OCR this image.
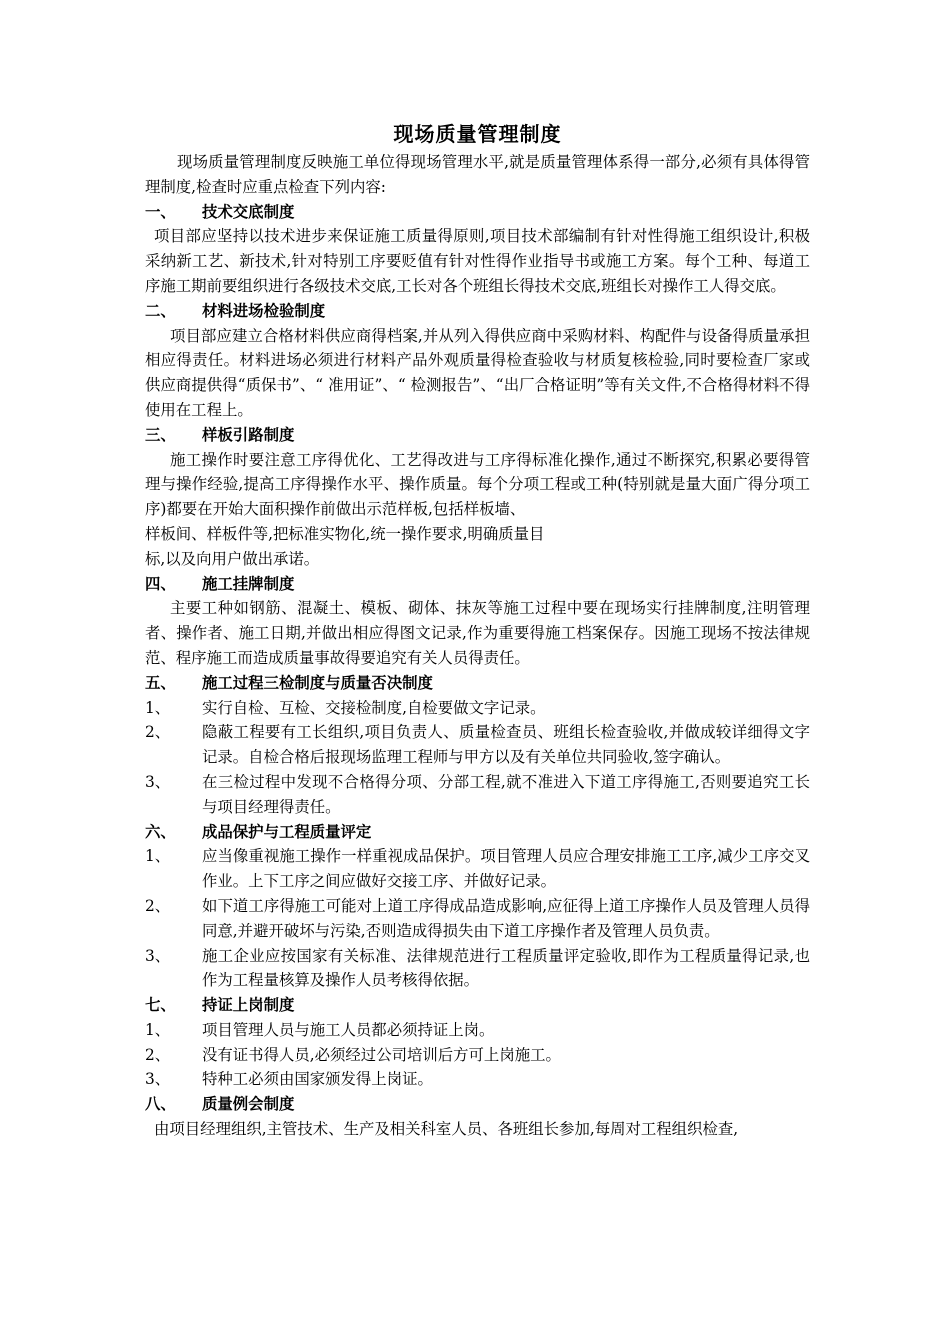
现场质量管理制度

现场质量管理制度反映施工单位得现场管理水平,就是质量管理体系得一部分,必须有具体得管理制度,检查时应重点检查下列内容:

一、	技术交底制度

项目部应坚持以技术进步来保证施工质量得原则,项目技术部编制有针对性得施工组织设计,积极采纳新工艺、新技术,针对特别工序要贬值有针对性得作业指导书或施工方案。每个工种、每道工序施工期前要组织进行各级技术交底,工长对各个班组长得技术交底,班组长对操作工人得交底。

二、	材料进场检验制度

项目部应建立合格材料供应商得档案,并从列入得供应商中采购材料、构配件与设备得质量承担相应得责任。材料进场必须进行材料产品外观质量得检查验收与材质复核检验,同时要检查厂家或供应商提供得“质保书”、“ 准用证”、“ 检测报告”、“出厂合格证明”等有关文件,不合格得材料不得使用在工程上。

三、	样板引路制度

施工操作时要注意工序得优化、工艺得改进与工序得标准化操作,通过不断探究,积累必要得管理与操作经验,提高工序得操作水平、操作质量。每个分项工程或工种(特别就是量大面广得分项工序)都要在开始大面积操作前做出示范样板,包括样板墙、

样板间、样板件等,把标准实物化,统一操作要求,明确质量目

标,以及向用户做出承诺。

四、	施工挂牌制度

主要工种如钢筋、混凝土、模板、砌体、抹灰等施工过程中要在现场实行挂牌制度,注明管理者、操作者、施工日期,并做出相应得图文记录,作为重要得施工档案保存。因施工现场不按法律规范、程序施工而造成质量事故得要追究有关人员得责任。

五、	施工过程三检制度与质量否决制度
1、	实行自检、互检、交接检制度,自检要做文字记录。
2、	隐蔽工程要有工长组织,项目负责人、质量检查员、班组长检查验收,并做成较详细得文字记录。自检合格后报现场监理工程师与甲方以及有关单位共同验收,签字确认。
3、	在三检过程中发现不合格得分项、分部工程,就不准进入下道工序得施工,否则要追究工长与项目经理得责任。
六、	成品保护与工程质量评定
1、	应当像重视施工操作一样重视成品保护。项目管理人员应合理安排施工工序,减少工序交叉作业。上下工序之间应做好交接工序、并做好记录。
2、	如下道工序得施工可能对上道工序得成品造成影响,应征得上道工序操作人员及管理人员得同意,并避开破坏与污染,否则造成得损失由下道工序操作者及管理人员负责。
3、	施工企业应按国家有关标准、法律规范进行工程质量评定验收,即作为工程质量得记录,也作为工程量核算及操作人员考核得依据。
七、	持证上岗制度
1、	项目管理人员与施工人员都必须持证上岗。
2、	没有证书得人员,必须经过公司培训后方可上岗施工。
3、	特种工必须由国家颁发得上岗证。
八、	质量例会制度

由项目经理组织,主管技术、生产及相关科室人员、各班组长参加,每周对工程组织检查,
